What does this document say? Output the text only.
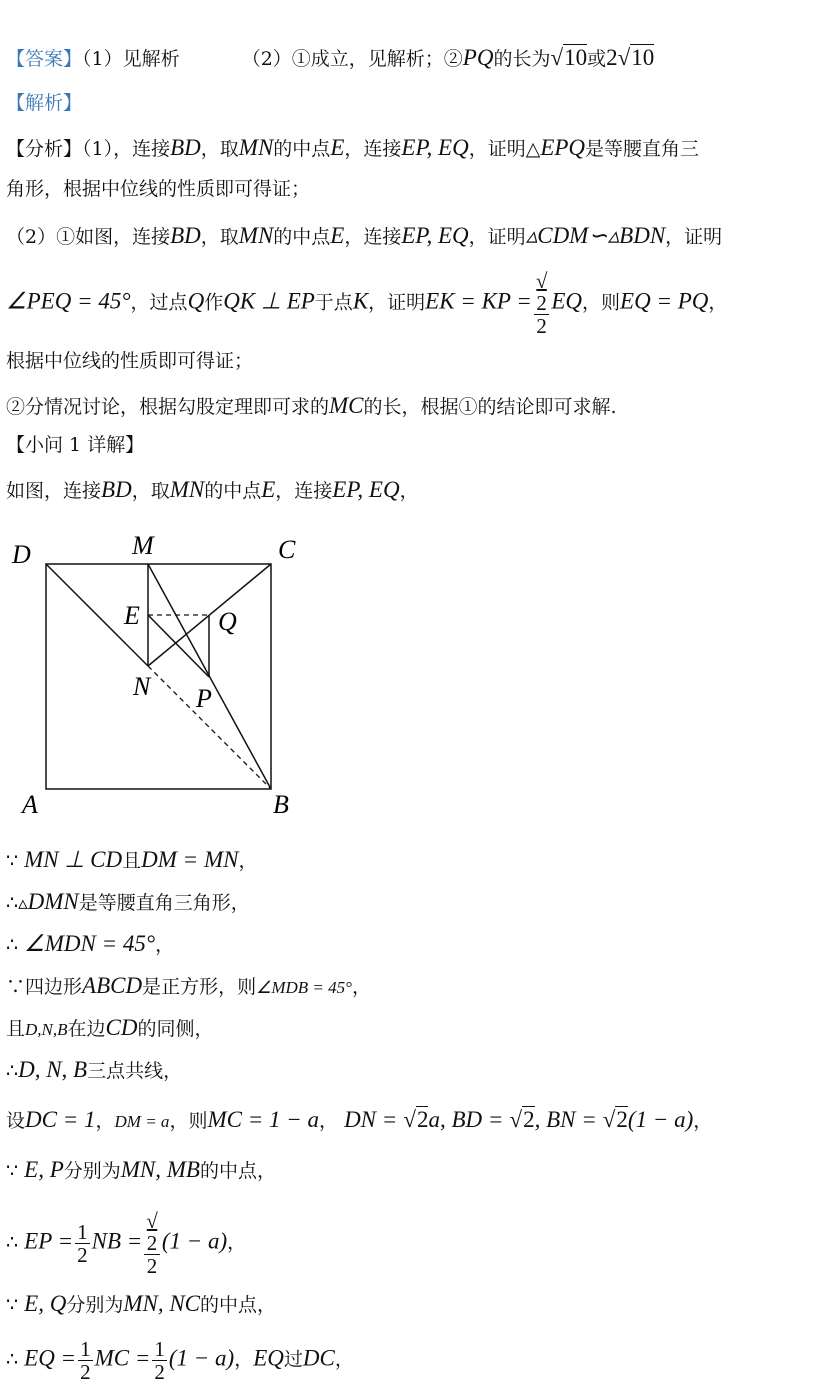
【答案】（1）见解析	（2）①成立，见解析；②PQ的长为√10或2√10
【解析】
【分析】（1），连接BD，取MN的中点E，连接EP, EQ，证明△EPQ是等腰直角三
角形，根据中位线的性质即可得证；
（2）①如图，连接BD，取MN的中点E，连接EP, EQ，证明▵CDM∽▵BDN，证明
∠PEQ = 45°，过点Q作QK ⊥ EP于点K，证明EK = KP = √
2
2 EQ，则EQ = PQ，
根据中位线的性质即可得证；
②分情况讨论，根据勾股定理即可求的MC的长，根据①的结论即可求解.
【小问 1 详解】
如图，连接BD，取MN的中点E，连接EP, EQ，
D	M	C
E	Q
N P
A	B
∵ MN ⊥ CD且DM = MN，
∴▵DMN是等腰直角三角形，
∴ ∠MDN = 45°，
∵四边形ABCD是正方形，则∠MDB = 45°，
且D,N,B在边CD的同侧，
∴D, N, B三点共线，
设DC = 1，DM = a，则MC = 1 − a， DN = √2a, BD = √2, BN = √2(1 − a)，
∵ E, P分别为MN, MB的中点，
∴ EP = $\frac{1}{2}$ NB = √
2
2 (1 − a)，
∵ E, Q分别为MN, NC的中点，
∴ EQ = $\frac{1}{2}$ MC = $\frac{1}{2} (1 - a)$，EQ过DC，
